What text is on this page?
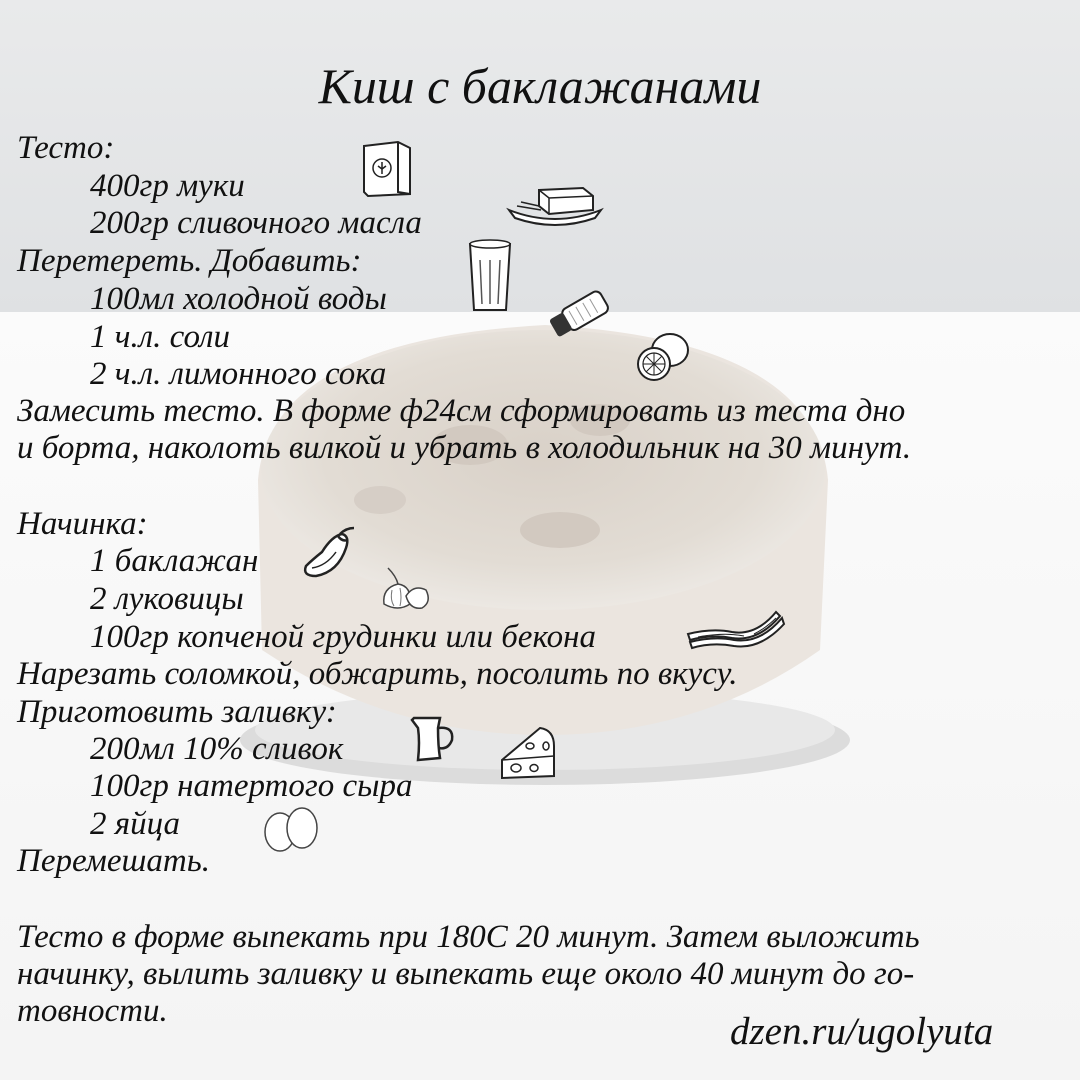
Киш с баклажанами
Тесто:
400гр муки
200гр сливочного масла
Перетереть. Добавить:
100мл холодной воды
1 ч.л. соли
2 ч.л. лимонного сока
Замесить тесто. В форме ф24см сформировать из теста дно
и борта, наколоть вилкой и убрать в холодильник на 30 минут.
Начинка:
1 баклажан
2 луковицы
100гр копченой грудинки или бекона
Нарезать соломкой, обжарить, посолить по вкусу.
Приготовить заливку:
200мл 10% сливок
100гр натертого сыра
2 яйца
Перемешать.
Тесто в форме выпекать при 180С 20 минут. Затем выложить
начинку, вылить заливку и выпекать еще около 40 минут до го-
товности.	dzen.ru/ugolyuta
